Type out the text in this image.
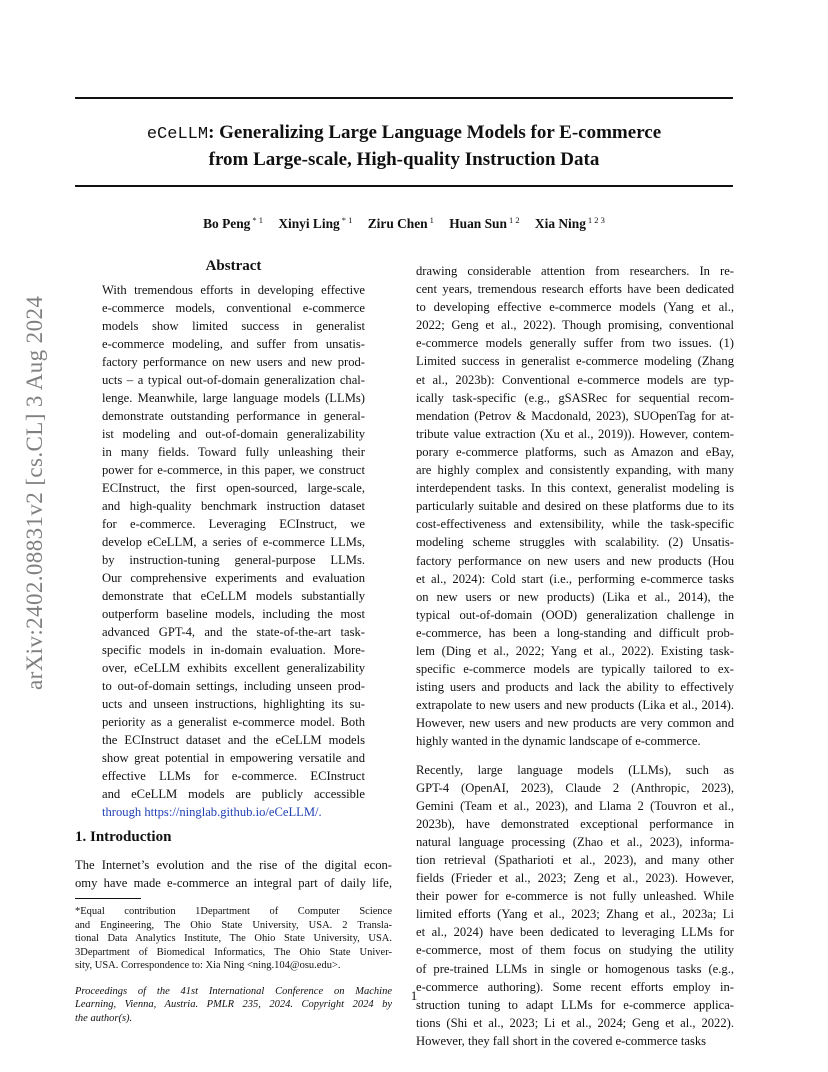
eCeLLM: Generalizing Large Language Models for E-commerce
from Large-scale, High-quality Instruction Data
Bo Peng $^{* 1}$ Xinyi Ling $^{* 1}$ Ziru Chen $^1$ Huan Sun $^{1 2}$ Xia Ning $^{1 2 3}$
arXiv:2402.08831v2 [cs.CL] 3 Aug 2024
Abstract
With tremendous efforts in developing effective
e-commerce models, conventional e-commerce
models show limited success in generalist
e-commerce modeling, and suffer from unsatis-
factory performance on new users and new prod-
ucts – a typical out-of-domain generalization chal-
lenge. Meanwhile, large language models (LLMs)
demonstrate outstanding performance in general-
ist modeling and out-of-domain generalizability
in many fields. Toward fully unleashing their
power for e-commerce, in this paper, we construct
ECInstruct, the first open-sourced, large-scale,
and high-quality benchmark instruction dataset
for e-commerce. Leveraging ECInstruct, we
develop eCeLLM, a series of e-commerce LLMs,
by instruction-tuning general-purpose LLMs.
Our comprehensive experiments and evaluation
demonstrate that eCeLLM models substantially
outperform baseline models, including the most
advanced GPT-4, and the state-of-the-art task-
specific models in in-domain evaluation. More-
over, eCeLLM exhibits excellent generalizability
to out-of-domain settings, including unseen prod-
ucts and unseen instructions, highlighting its su-
periority as a generalist e-commerce model. Both
the ECInstruct dataset and the eCeLLM models
show great potential in empowering versatile and
effective LLMs for e-commerce. ECInstruct
and eCeLLM models are publicly accessible
through https://ninglab.github.io/eCeLLM/.
1. Introduction
The Internet’s evolution and the rise of the digital econ-
omy have made e-commerce an integral part of daily life,
*Equal contribution 1Department of Computer Science
and Engineering, The Ohio State University, USA. 2 Transla-
tional Data Analytics Institute, The Ohio State University, USA.
3Department of Biomedical Informatics, The Ohio State Univer-
sity, USA. Correspondence to: Xia Ning <ning.104@osu.edu>.
Proceedings of the 41st International Conference on Machine
Learning, Vienna, Austria. PMLR 235, 2024. Copyright 2024 by
the author(s).
drawing considerable attention from researchers. In re-
cent years, tremendous research efforts have been dedicated
to developing effective e-commerce models (Yang et al.,
2022; Geng et al., 2022). Though promising, conventional
e-commerce models generally suffer from two issues. (1)
Limited success in generalist e-commerce modeling (Zhang
et al., 2023b): Conventional e-commerce models are typ-
ically task-specific (e.g., gSASRec for sequential recom-
mendation (Petrov & Macdonald, 2023), SUOpenTag for at-
tribute value extraction (Xu et al., 2019)). However, contem-
porary e-commerce platforms, such as Amazon and eBay,
are highly complex and consistently expanding, with many
interdependent tasks. In this context, generalist modeling is
particularly suitable and desired on these platforms due to its
cost-effectiveness and extensibility, while the task-specific
modeling scheme struggles with scalability. (2) Unsatis-
factory performance on new users and new products (Hou
et al., 2024): Cold start (i.e., performing e-commerce tasks
on new users or new products) (Lika et al., 2014), the
typical out-of-domain (OOD) generalization challenge in
e-commerce, has been a long-standing and difficult prob-
lem (Ding et al., 2022; Yang et al., 2022). Existing task-
specific e-commerce models are typically tailored to ex-
isting users and products and lack the ability to effectively
extrapolate to new users and new products (Lika et al., 2014).
However, new users and new products are very common and
highly wanted in the dynamic landscape of e-commerce.
Recently, large language models (LLMs), such as
GPT-4 (OpenAI, 2023), Claude 2 (Anthropic, 2023),
Gemini (Team et al., 2023), and Llama 2 (Touvron et al.,
2023b), have demonstrated exceptional performance in
natural language processing (Zhao et al., 2023), informa-
tion retrieval (Spatharioti et al., 2023), and many other
fields (Frieder et al., 2023; Zeng et al., 2023). However,
their power for e-commerce is not fully unleashed. While
limited efforts (Yang et al., 2023; Zhang et al., 2023a; Li
et al., 2024) have been dedicated to leveraging LLMs for
e-commerce, most of them focus on studying the utility
of pre-trained LLMs in single or homogenous tasks (e.g.,
e-commerce authoring). Some recent efforts employ in-
struction tuning to adapt LLMs for e-commerce applica-
tions (Shi et al., 2023; Li et al., 2024; Geng et al., 2022).
However, they fall short in the covered e-commerce tasks
1
